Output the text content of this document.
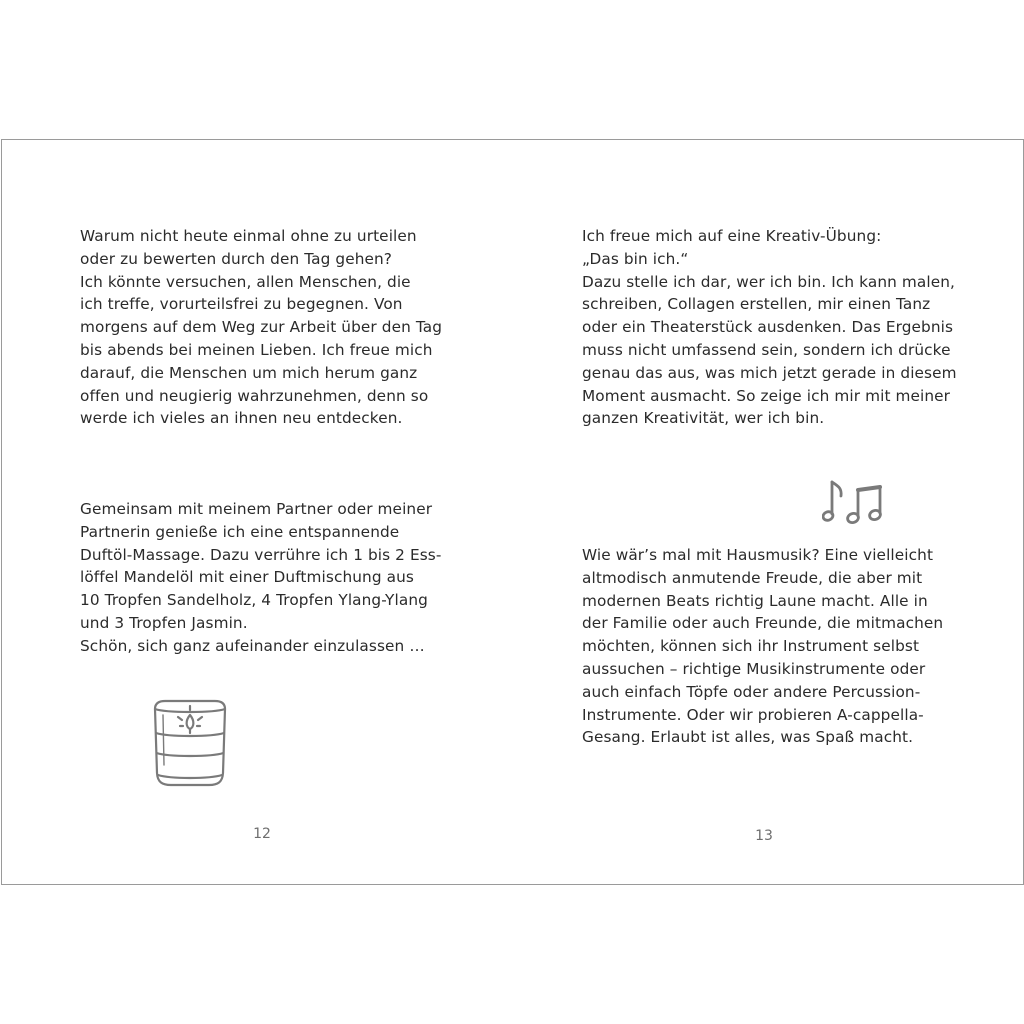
Warum nicht heute einmal ohne zu urteilen
oder zu bewerten durch den Tag gehen?
Ich könnte versuchen, allen Menschen, die
ich treffe, vorurteilsfrei zu begegnen. Von
morgens auf dem Weg zur Arbeit über den Tag
bis abends bei meinen Lieben. Ich freue mich
darauf, die Menschen um mich herum ganz
offen und neugierig wahrzunehmen, denn so
werde ich vieles an ihnen neu entdecken.

Gemeinsam mit meinem Partner oder meiner
Partnerin genieße ich eine entspannende
Duftöl-Massage. Dazu verrühre ich 1 bis 2 Ess-
löffel Mandelöl mit einer Duftmischung aus
10 Tropfen Sandelholz, 4 Tropfen Ylang-Ylang
und 3 Tropfen Jasmin.
Schön, sich ganz aufeinander einzulassen …

12

Ich freue mich auf eine Kreativ-Übung:
„Das bin ich.“
Dazu stelle ich dar, wer ich bin. Ich kann malen,
schreiben, Collagen erstellen, mir einen Tanz
oder ein Theaterstück ausdenken. Das Ergebnis
muss nicht umfassend sein, sondern ich drücke
genau das aus, was mich jetzt gerade in diesem
Moment ausmacht. So zeige ich mir mit meiner
ganzen Kreativität, wer ich bin.

Wie wär’s mal mit Hausmusik? Eine vielleicht
altmodisch anmutende Freude, die aber mit
modernen Beats richtig Laune macht. Alle in
der Familie oder auch Freunde, die mitmachen
möchten, können sich ihr Instrument selbst
aussuchen – richtige Musikinstrumente oder
auch einfach Töpfe oder andere Percussion-
Instrumente. Oder wir probieren A-cappella-
Gesang. Erlaubt ist alles, was Spaß macht.

13
